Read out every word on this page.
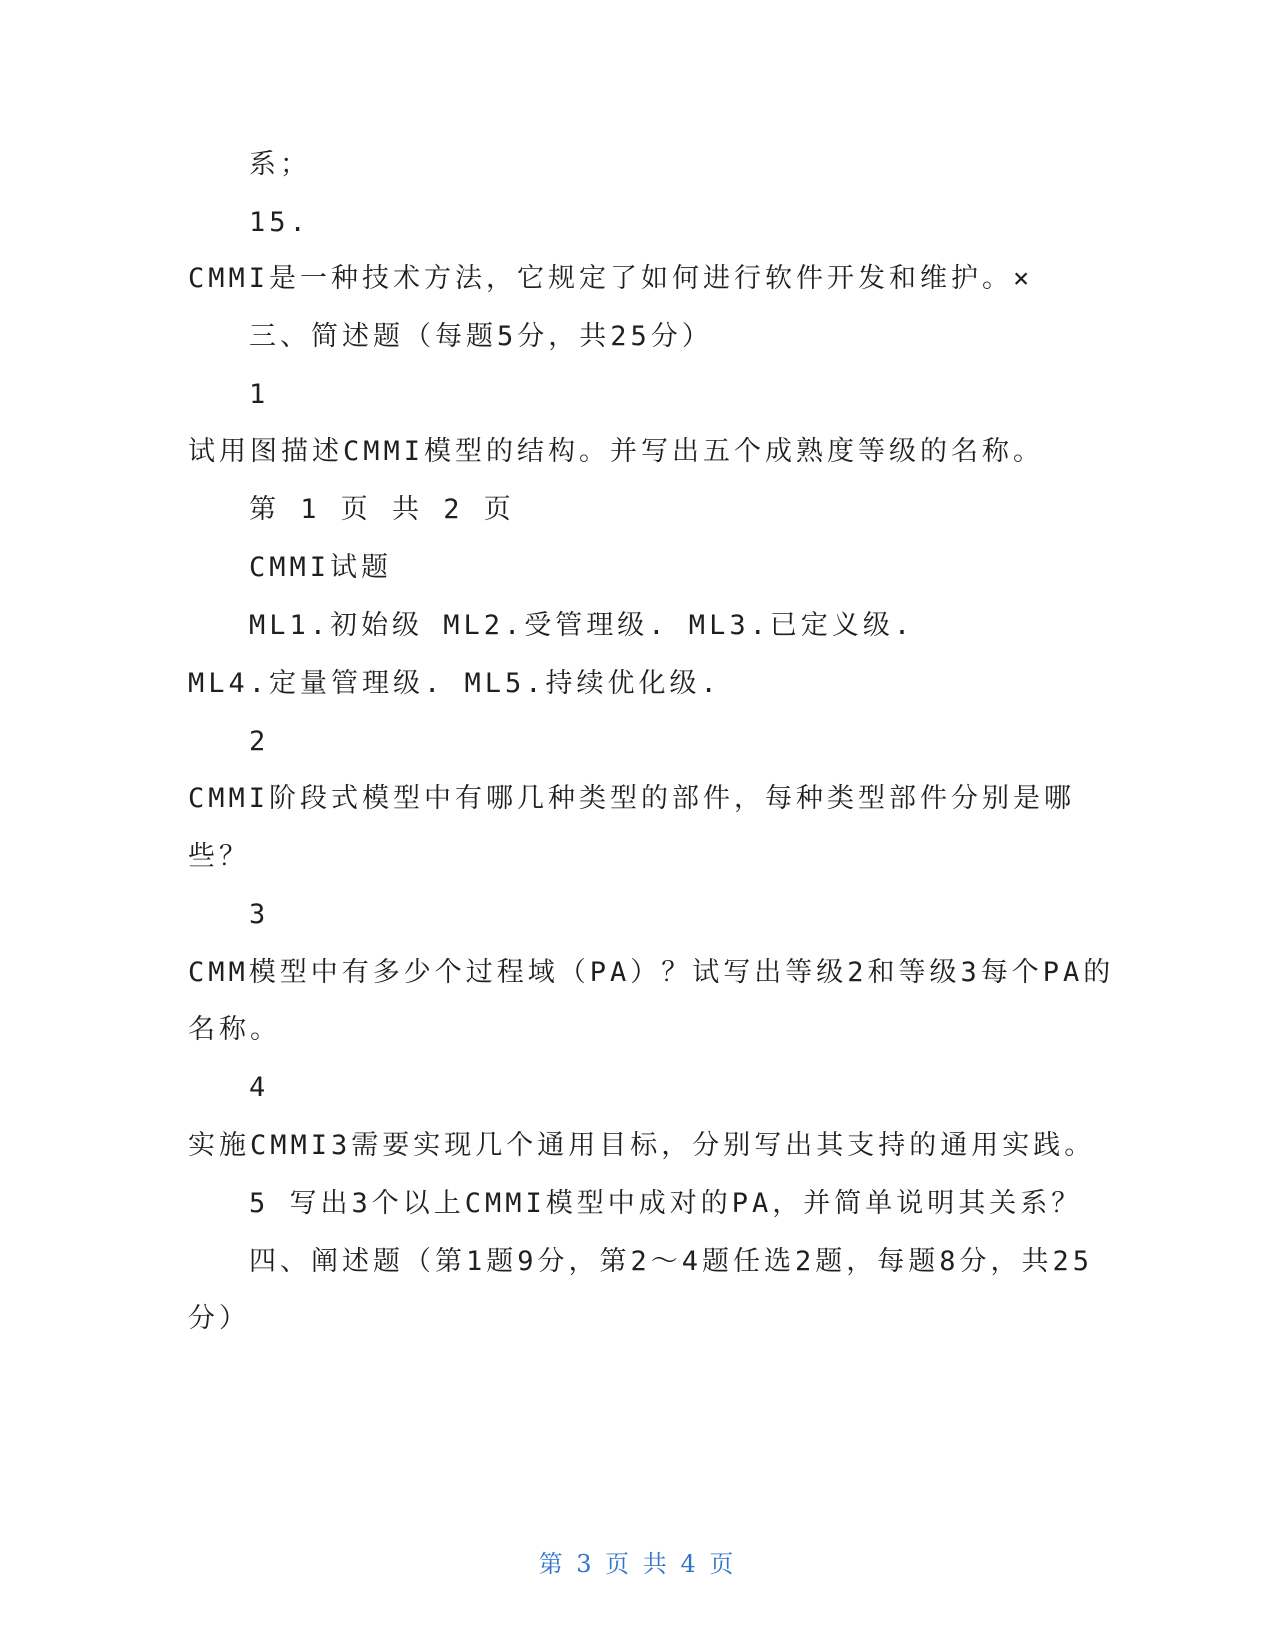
系；
15.
CMMI是一种技术方法，它规定了如何进行软件开发和维护。×
三、简述题（每题5分，共25分）
1
试用图描述CMMI模型的结构。并写出五个成熟度等级的名称。
第 1 页 共 2 页
CMMI试题
ML1.初始级 ML2.受管理级. ML3.已定义级.
ML4.定量管理级. ML5.持续优化级.
2
CMMI阶段式模型中有哪几种类型的部件，每种类型部件分别是哪
些？
3
CMM模型中有多少个过程域（PA）？试写出等级2和等级3每个PA的
名称。
4
实施CMMI3需要实现几个通用目标，分别写出其支持的通用实践。
5 写出3个以上CMMI模型中成对的PA，并简单说明其关系？
四、阐述题（第1题9分，第2～4题任选2题，每题8分，共25
分）
第 3 页 共 4 页
